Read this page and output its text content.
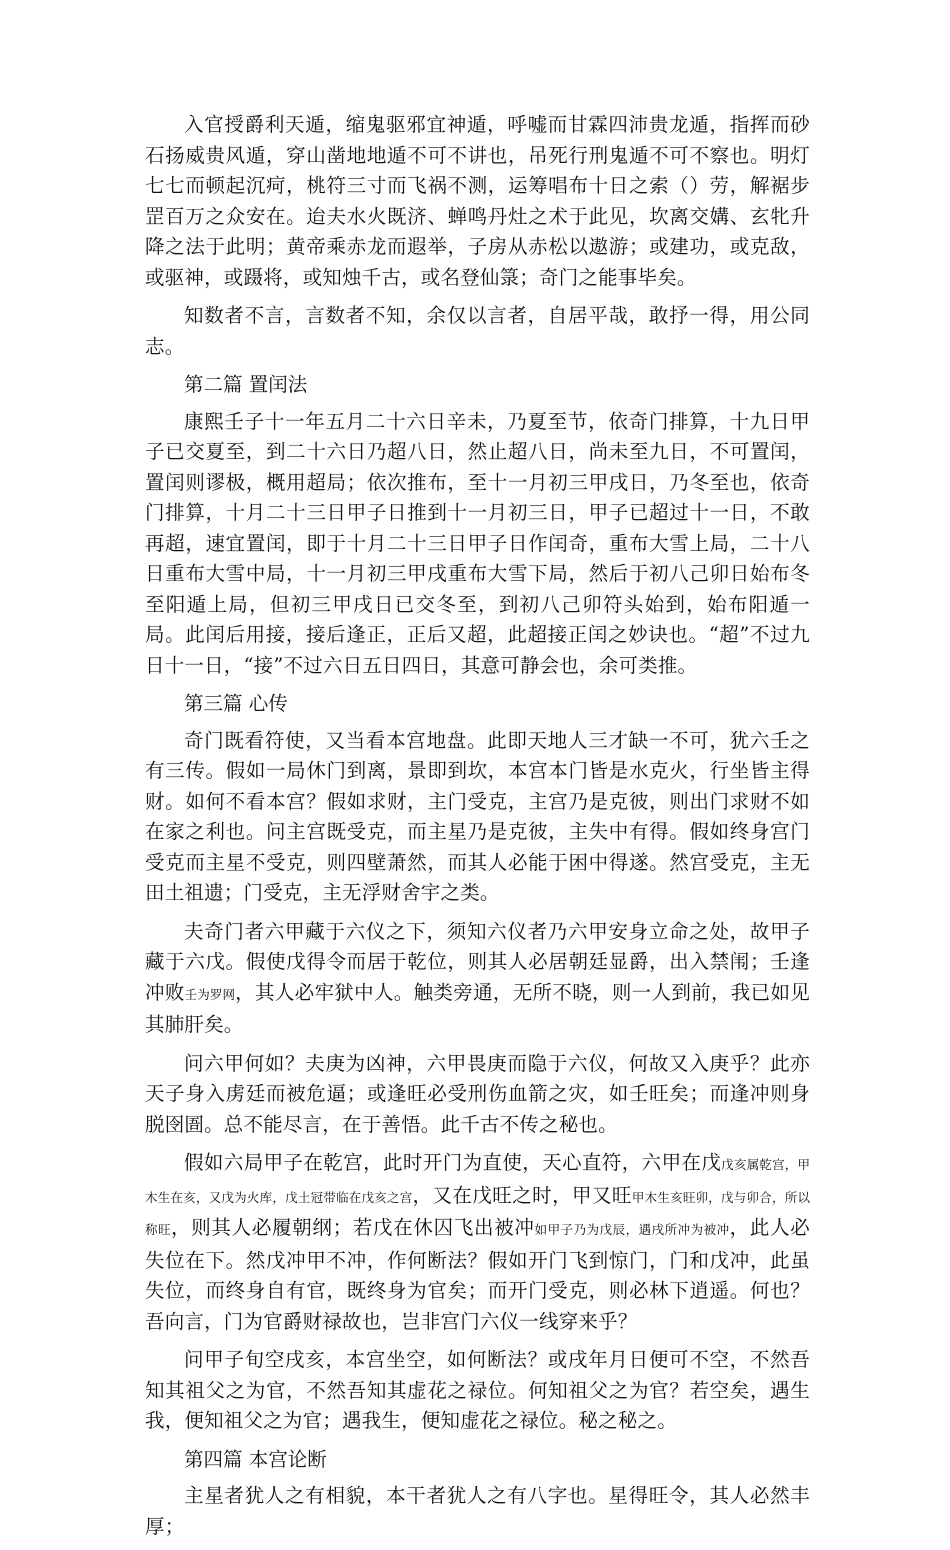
入官授爵利天遁，缩鬼驱邪宜神遁，呼嘘而甘霖四沛贵龙遁，指挥而砂石扬威贵风遁，穿山凿地地遁不可不讲也，吊死行刑鬼遁不可不察也。明灯七七而顿起沉疴，桃符三寸而飞祸不测，运筹唱布十日之索（）劳，解裾步罡百万之众安在。迨夫水火既济、蝉鸣丹灶之术于此见，坎离交媾、玄牝升降之法于此明；黄帝乘赤龙而遐举，子房从赤松以遨游；或建功，或克敌，或驱神，或蹑将，或知烛千古，或名登仙箓；奇门之能事毕矣。

知数者不言，言数者不知，余仅以言者，自居平哉，敢抒一得，用公同志。

第二篇 置闰法

康熙壬子十一年五月二十六日辛未，乃夏至节，依奇门排算，十九日甲子已交夏至，到二十六日乃超八日，然止超八日，尚未至九日，不可置闰，置闰则谬极，概用超局；依次推布，至十一月初三甲戌日，乃冬至也，依奇门排算，十月二十三日甲子日推到十一月初三日，甲子已超过十一日，不敢再超，速宜置闰，即于十月二十三日甲子日作闰奇，重布大雪上局，二十八日重布大雪中局，十一月初三甲戌重布大雪下局，然后于初八己卯日始布冬至阳遁上局，但初三甲戌日已交冬至，到初八己卯符头始到，始布阳遁一局。此闰后用接，接后逢正，正后又超，此超接正闰之妙诀也。“超”不过九日十一日，“接”不过六日五日四日，其意可静会也，余可类推。

第三篇 心传

奇门既看符使，又当看本宫地盘。此即天地人三才缺一不可，犹六壬之有三传。假如一局休门到离，景即到坎，本宫本门皆是水克火，行坐皆主得财。如何不看本宫？假如求财，主门受克，主宫乃是克彼，则出门求财不如在家之利也。问主宫既受克，而主星乃是克彼，主失中有得。假如终身宫门受克而主星不受克，则四壁萧然，而其人必能于困中得遂。然宫受克，主无田土祖遗；门受克，主无浮财舍宇之类。

夫奇门者六甲藏于六仪之下，须知六仪者乃六甲安身立命之处，故甲子藏于六戊。假使戊得令而居于乾位，则其人必居朝廷显爵，出入禁闱；壬逢冲败壬为罗网，其人必牢狱中人。触类旁通，无所不晓，则一人到前，我已如见其肺肝矣。

问六甲何如？夫庚为凶神，六甲畏庚而隐于六仪，何故又入庚乎？此亦天子身入虏廷而被危逼；或逢旺必受刑伤血箭之灾，如壬旺矣；而逢冲则身脱囹圄。总不能尽言，在于善悟。此千古不传之秘也。

假如六局甲子在乾宫，此时开门为直使，天心直符，六甲在戊戊亥属乾宫，甲木生在亥，又戊为火库，戊土冠带临在戊亥之宫，又在戊旺之时，甲又旺甲木生亥旺卯，戊与卯合，所以称旺，则其人必履朝纲；若戊在休囚飞出被冲如甲子乃为戊辰，遇戌所冲为被冲，此人必失位在下。然戊冲甲不冲，作何断法？假如开门飞到惊门，门和戊冲，此虽失位，而终身自有官，既终身为官矣；而开门受克，则必林下逍遥。何也？吾向言，门为官爵财禄故也，岂非宫门六仪一线穿来乎？

问甲子旬空戌亥，本宫坐空，如何断法？或戌年月日便可不空，不然吾知其祖父之为官，不然吾知其虚花之禄位。何知祖父之为官？若空矣，遇生我，便知祖父之为官；遇我生，便知虚花之禄位。秘之秘之。

第四篇 本宫论断

主星者犹人之有相貌，本干者犹人之有八字也。星得旺令，其人必然丰厚；
